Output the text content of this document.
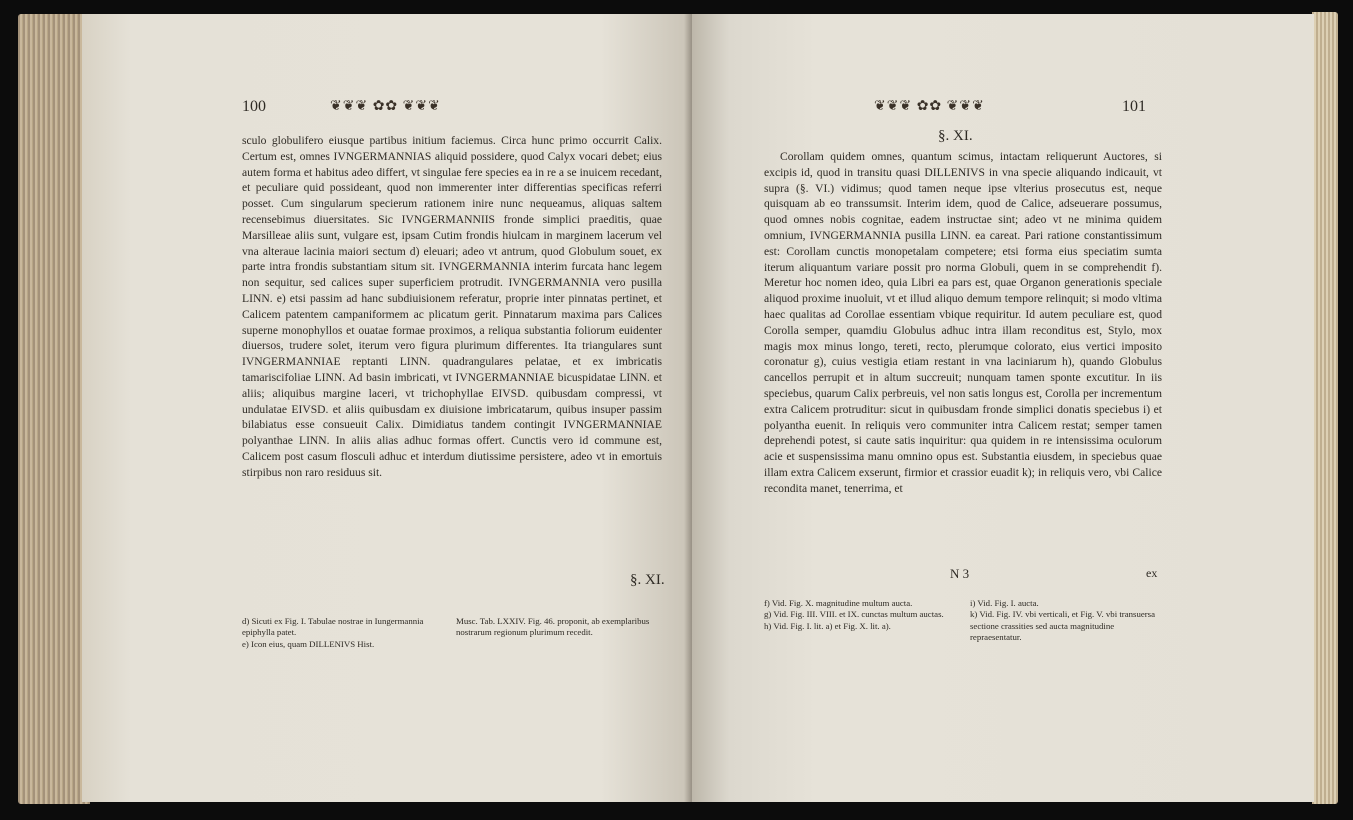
100	❦❦❦ ✿✿ ❦❦❦

sculo globulifero eiusque partibus initium faciemus. Circa hunc primo occurrit Calix. Certum est, omnes IVNGERMANNIAS aliquid possidere, quod Calyx vocari debet; eius autem forma et habitus adeo differt, vt singulae fere species ea in re a se inuicem recedant, et peculiare quid possideant, quod non immerenter inter differentias specificas referri posset. Cum singularum specierum rationem inire nunc nequeamus, aliquas saltem recensebimus diuersitates. Sic IVNGERMANNIIS fronde simplici praeditis, quae Marsilleae aliis sunt, vulgare est, ipsam Cutim frondis hiulcam in marginem lacerum vel vna alteraue lacinia maiori sectum d) eleuari; adeo vt antrum, quod Globulum souet, ex parte intra frondis substantiam situm sit. IVNGERMANNIA interim furcata hanc legem non sequitur, sed calices super superficiem protrudit. IVNGERMANNIA vero pusilla LINN. e) etsi passim ad hanc subdiuisionem referatur, proprie inter pinnatas pertinet, et Calicem patentem campaniformem ac plicatum gerit. Pinnatarum maxima pars Calices superne monophyllos et ouatae formae proximos, a reliqua substantia foliorum euidenter diuersos, trudere solet, iterum vero figura plurimum differentes. Ita triangulares sunt IVNGERMANNIAE reptanti LINN. quadrangulares pelatae, et ex imbricatis tamariscifoliae LINN. Ad basin imbricati, vt IVNGERMANNIAE bicuspidatae LINN. et aliis; aliquibus margine laceri, vt trichophyllae EIVSD. quibusdam compressi, vt undulatae EIVSD. et aliis quibusdam ex diuisione imbricatarum, quibus insuper passim bilabiatus esse consueuit Calix. Dimidiatus tandem contingit IVNGERMANNIAE polyanthae LINN. In aliis alias adhuc formas offert. Cunctis vero id commune est, Calicem post casum flosculi adhuc et interdum diutissime persistere, adeo vt in emortuis stirpibus non raro residuus sit.

§. XI.

d) Sicuti ex Fig. I. Tabulae nostrae in Iungermannia epiphylla patet.

e) Icon eius, quam DILLENIVS Hist.

Musc. Tab. LXXIV. Fig. 46. proponit, ab exemplaribus nostrarum regionum plurimum recedit.

❦❦❦ ✿✿ ❦❦❦	101
§. XI.

Corollam quidem omnes, quantum scimus, intactam reliquerunt Auctores, si excipis id, quod in transitu quasi DILLENIVS in vna specie aliquando indicauit, vt supra (§. VI.) vidimus; quod tamen neque ipse vlterius prosecutus est, neque quisquam ab eo transsumsit. Interim idem, quod de Calice, adseuerare possumus, quod omnes nobis cognitae, eadem instructae sint; adeo vt ne minima quidem omnium, IVNGERMANNIA pusilla LINN. ea careat. Pari ratione constantissimum est: Corollam cunctis monopetalam competere; etsi forma eius speciatim sumta iterum aliquantum variare possit pro norma Globuli, quem in se comprehendit f). Meretur hoc nomen ideo, quia Libri ea pars est, quae Organon generationis speciale aliquod proxime inuoluit, vt et illud aliquo demum tempore relinquit; si modo vltima haec qualitas ad Corollae essentiam vbique requiritur. Id autem peculiare est, quod Corolla semper, quamdiu Globulus adhuc intra illam reconditus est, Stylo, mox magis mox minus longo, tereti, recto, plerumque colorato, eius vertici imposito coronatur g), cuius vestigia etiam restant in vna laciniarum h), quando Globulus cancellos perrupit et in altum succreuit; nunquam tamen sponte excutitur. In iis speciebus, quarum Calix perbreuis, vel non satis longus est, Corolla per incrementum extra Calicem protruditur: sicut in quibusdam fronde simplici donatis speciebus i) et polyantha euenit. In reliquis vero communiter intra Calicem restat; semper tamen deprehendi potest, si caute satis inquiritur: qua quidem in re intensissima oculorum acie et suspensissima manu omnino opus est. Substantia eiusdem, in speciebus quae illam extra Calicem exserunt, firmior et crassior euadit k); in reliquis vero, vbi Calice recondita manet, tenerrima, et

N 3	ex

f) Vid. Fig. X. magnitudine multum aucta.

g) Vid. Fig. III. VIII. et IX. cunctas multum auctas.

h) Vid. Fig. I. lit. a) et Fig. X. lit. a).

i) Vid. Fig. I. aucta.

k) Vid. Fig. IV. vbi verticali, et Fig. V. vbi transuersa sectione crassities sed aucta magnitudine repraesentatur.
